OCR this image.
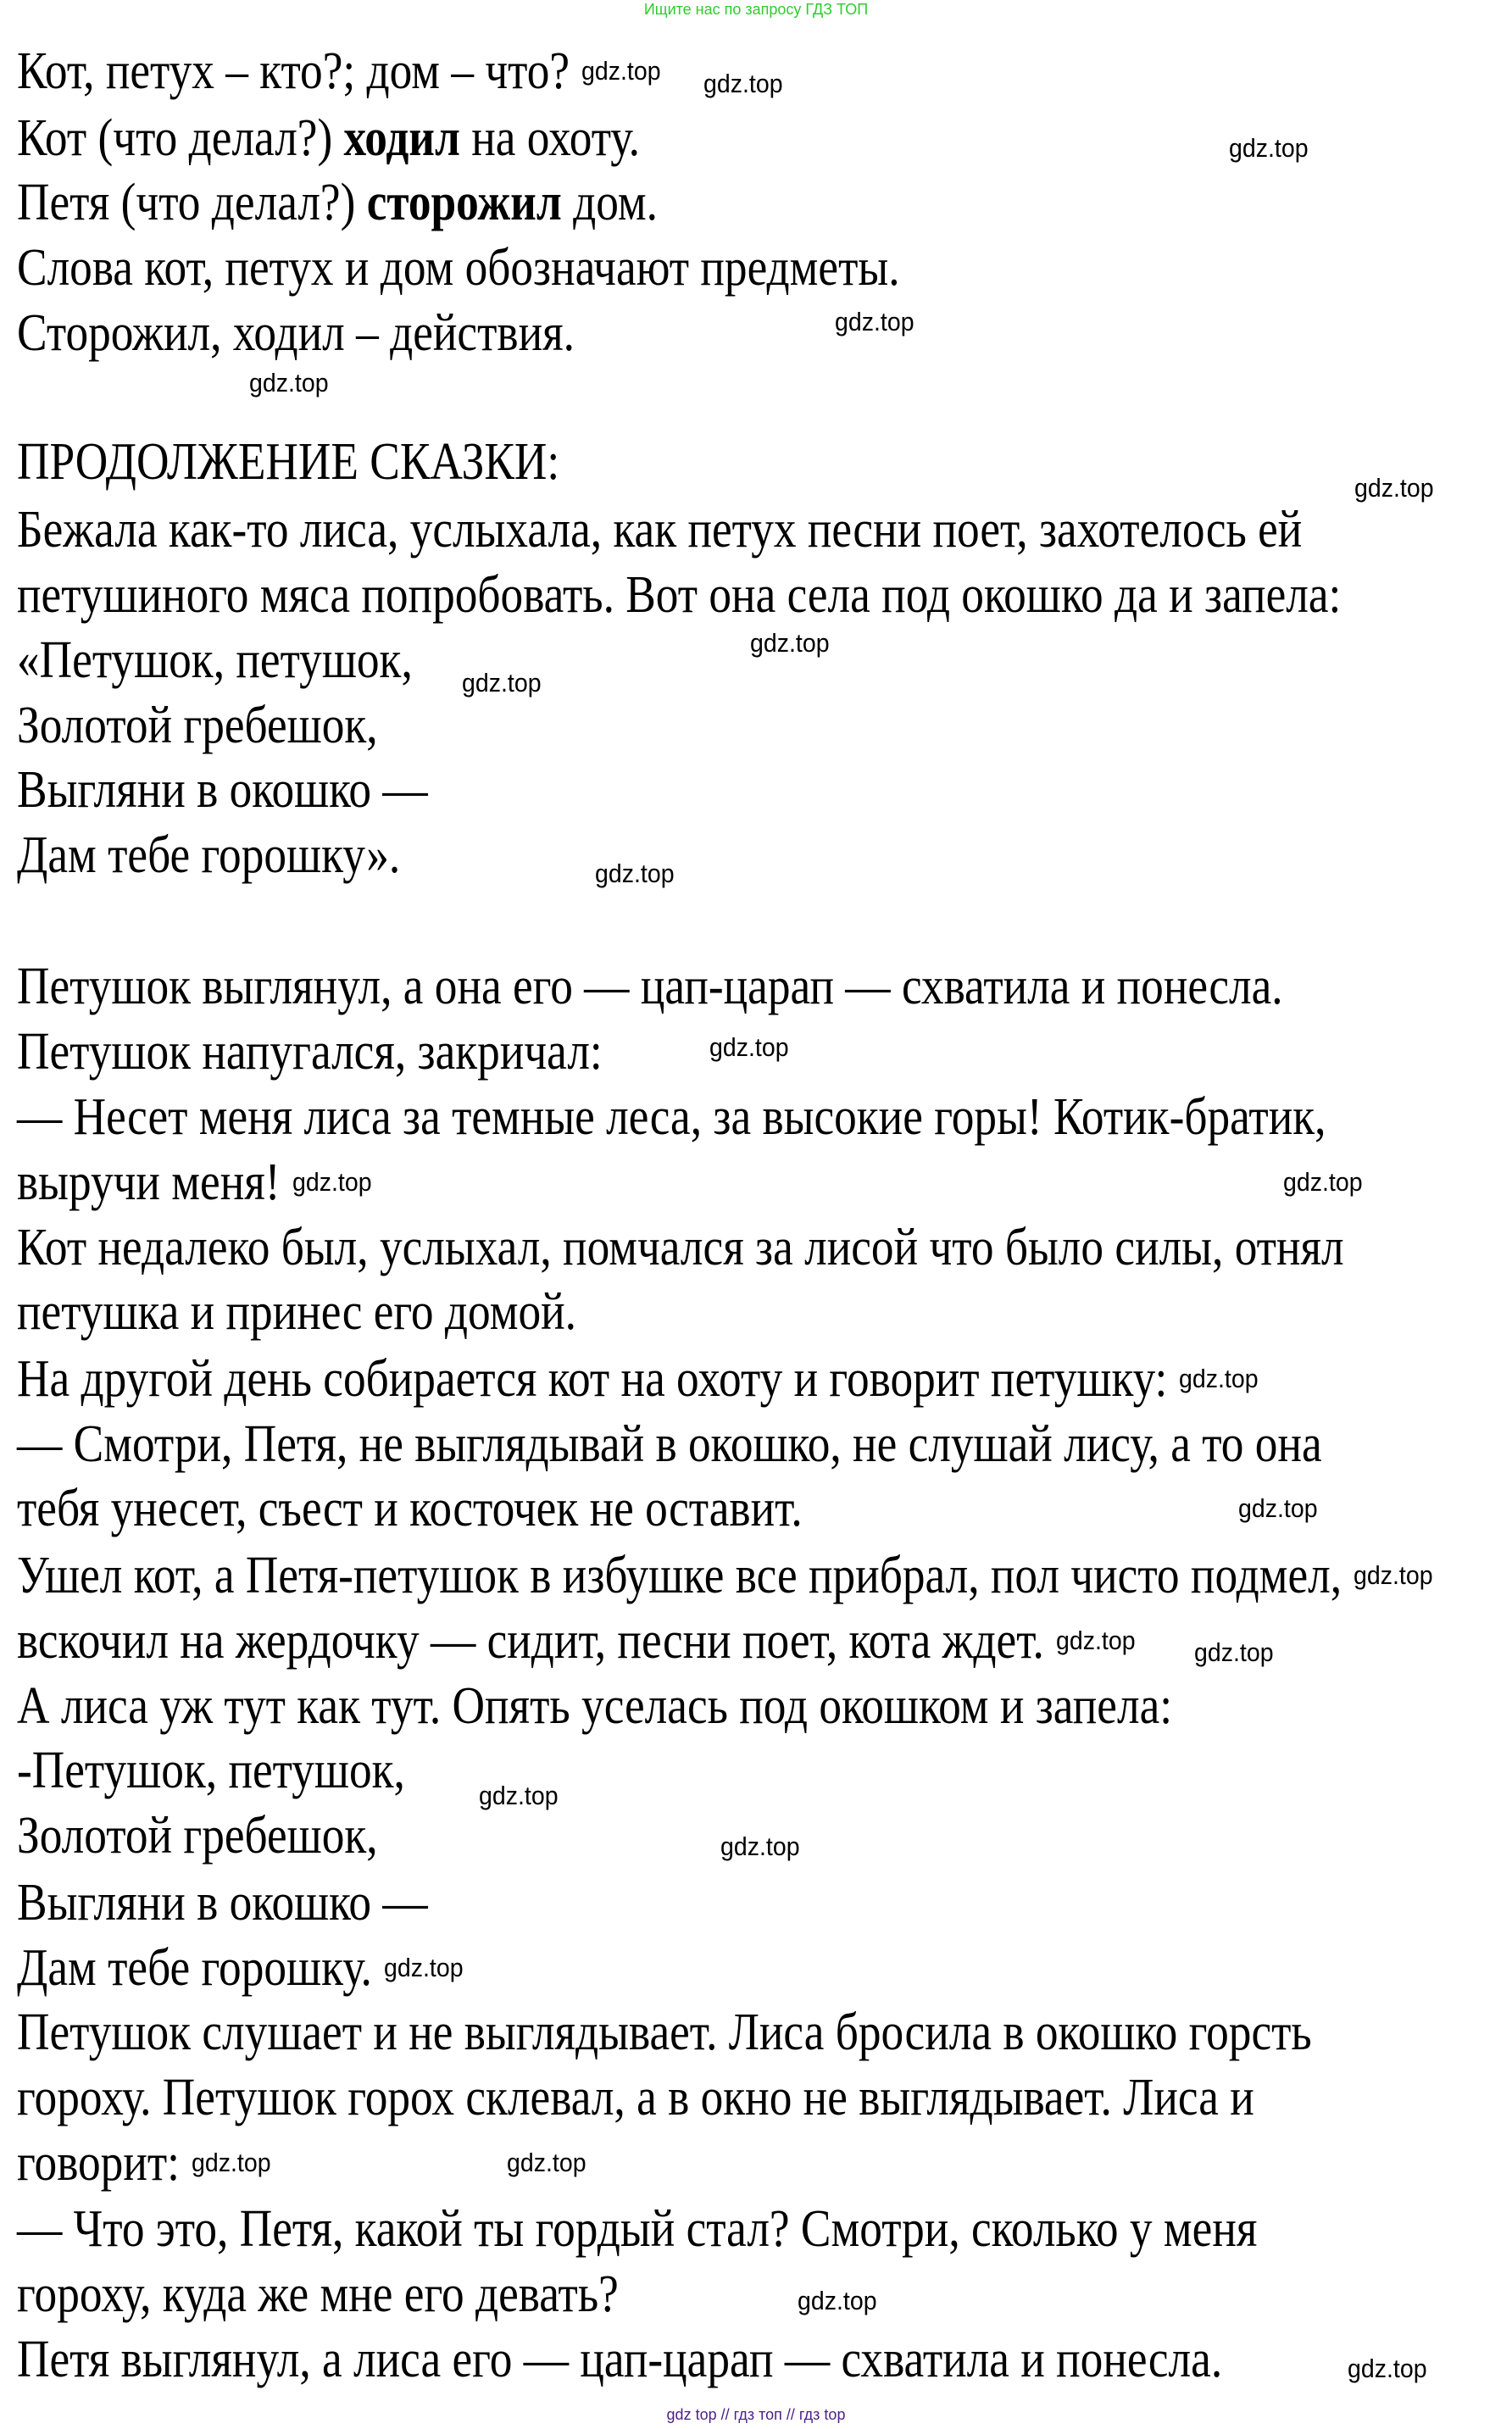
Ищите нас по запросу ГДЗ ТОП
Кот, петух – кто?; дом – что?
Кот (что делал?) ходил на охоту.
Петя (что делал?) сторожил дом.
Слова кот, петух и дом обозначают предметы.
Сторожил, ходил – действия.
ПРОДОЛЖЕНИЕ СКАЗКИ:
Бежала как-то лиса, услыхала, как петух песни поет, захотелось ей
петушиного мяса попробовать. Вот она села под окошко да и запела:
«Петушок, петушок,
Золотой гребешок,
Выгляни в окошко —
Дам тебе горошку».
Петушок выглянул, а она его — цап-царап — схватила и понесла.
Петушок напугался, закричал:
— Несет меня лиса за темные леса, за высокие горы! Котик-братик,
выручи меня!
Кот недалеко был, услыхал, помчался за лисой что было силы, отнял
петушка и принес его домой.
На другой день собирается кот на охоту и говорит петушку:
— Смотри, Петя, не выглядывай в окошко, не слушай лису, а то она
тебя унесет, съест и косточек не оставит.
Ушел кот, а Петя-петушок в избушке все прибрал, пол чисто подмел,
вскочил на жердочку — сидит, песни поет, кота ждет.
А лиса уж тут как тут. Опять уселась под окошком и запела:
-Петушок, петушок,
Золотой гребешок,
Выгляни в окошко —
Дам тебе горошку.
Петушок слушает и не выглядывает. Лиса бросила в окошко горсть
гороху. Петушок горох склевал, а в окно не выглядывает. Лиса и
говорит:
— Что это, Петя, какой ты гордый стал? Смотри, сколько у меня
гороху, куда же мне его девать?
Петя выглянул, а лиса его — цап-царап — схватила и понесла.
gdz.top gdz.top
gdz.top
gdz.top
gdz.top
gdz.top
gdz.top
gdz.top
gdz.top
gdz.top
gdz.top	gdz.top
gdz.top
gdz.top
gdz.top
gdz.top gdz.top
gdz.top
gdz.top
gdz.top
gdz.top	gdz.top
gdz.top
gdz.top
gdz top // гдз топ // гдз top
